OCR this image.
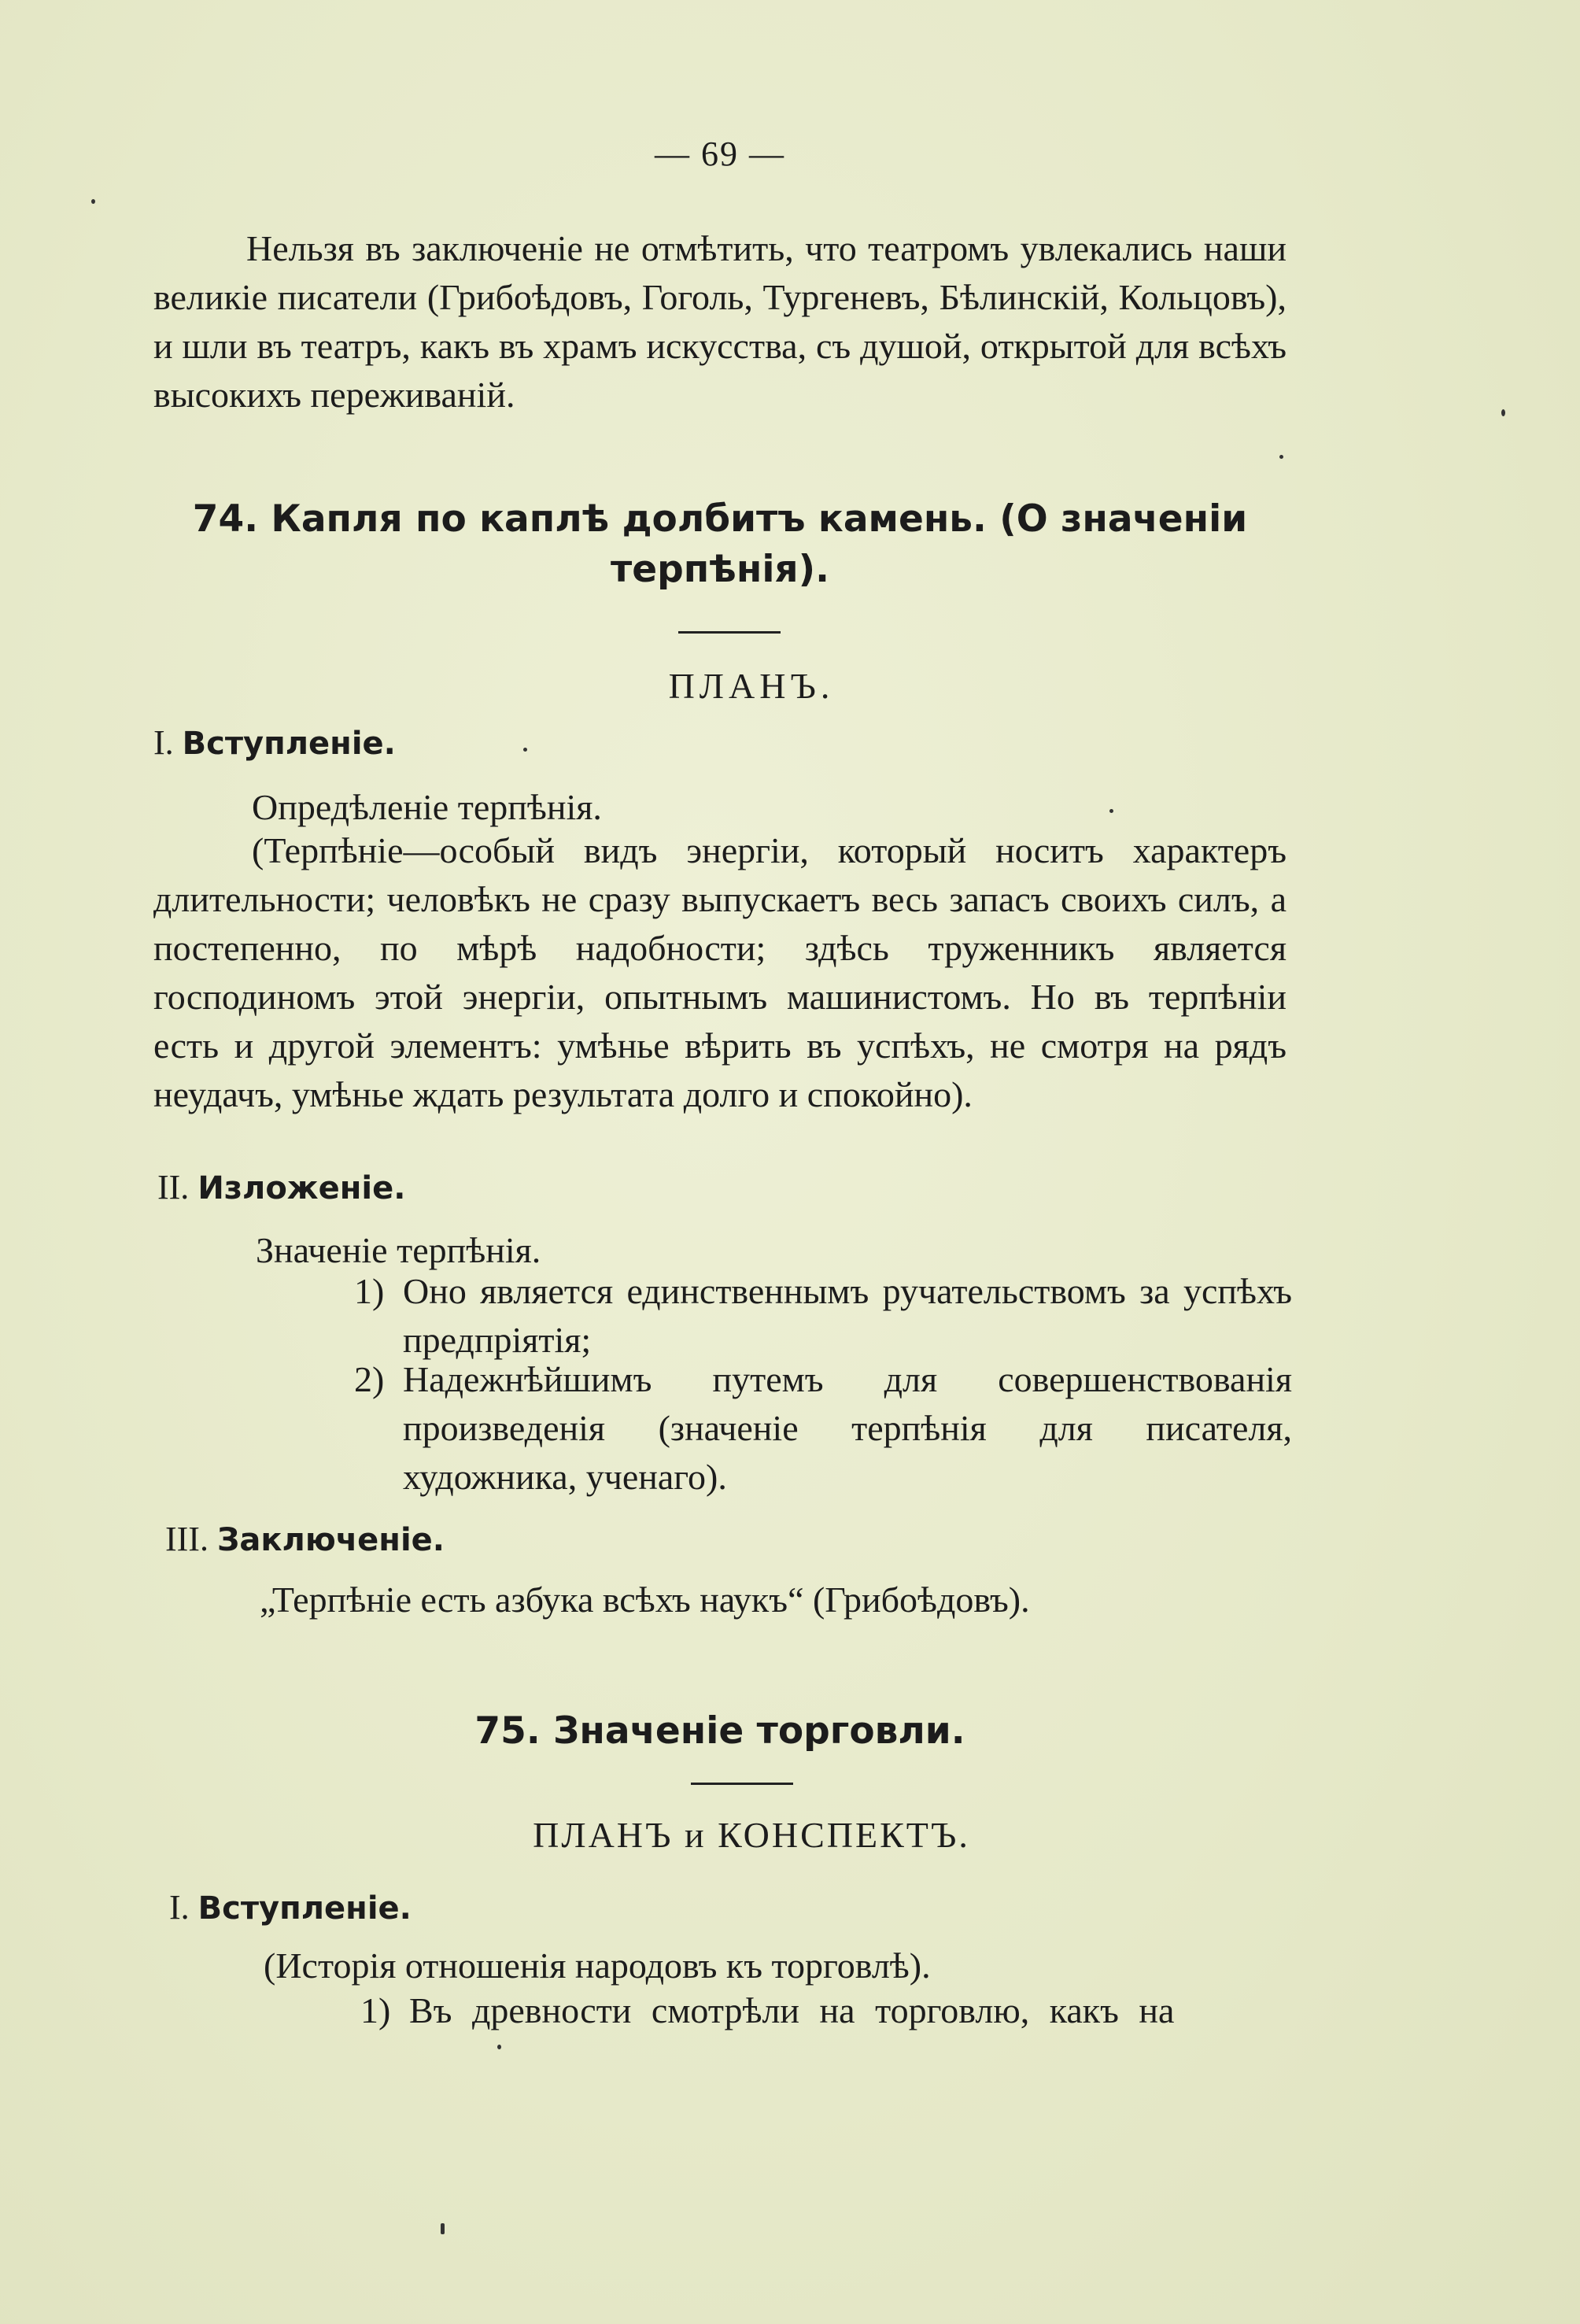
— 69 —

Нельзя въ заключеніе не отмѣтить, что театромъ увлекались наши великіе писатели (Грибоѣдовъ, Гоголь, Тургеневъ, Бѣлинскій, Кольцовъ), и шли въ театръ, какъ въ храмъ искусства, съ душой, открытой для всѣхъ высокихъ переживаній.

74. Капля по каплѣ долбитъ камень. (О значеніи
терпѣнія).
ПЛАНЪ.
I. Вступленіе.
Опредѣленіе терпѣнія.
(Терпѣніе—особый видъ энергіи, который носитъ характеръ длительности; человѣкъ не сразу выпускаетъ весь запасъ своихъ силъ, а постепенно, по мѣрѣ надобности; здѣсь труженникъ является господиномъ этой энергіи, опытнымъ машинистомъ. Но въ терпѣніи есть и другой элементъ: умѣнье вѣрить въ успѣхъ, не смотря на рядъ неудачъ, умѣнье ждать результата долго и спокойно).
II. Изложеніе.
Значеніе терпѣнія.
1) Оно является единственнымъ ручательствомъ за успѣхъ предпріятія;
2) Надежнѣйшимъ путемъ для совершенствованія произведенія (значеніе терпѣнія для писателя, художника, ученаго).
III. Заключеніе.
„Терпѣніе есть азбука всѣхъ наукъ“ (Грибоѣдовъ).
75. Значеніе торговли.
ПЛАНЪ и КОНСПЕКТЪ.
I. Вступленіе.
(Исторія отношенія народовъ къ торговлѣ).
1) Въ древности смотрѣли на торговлю, какъ на
